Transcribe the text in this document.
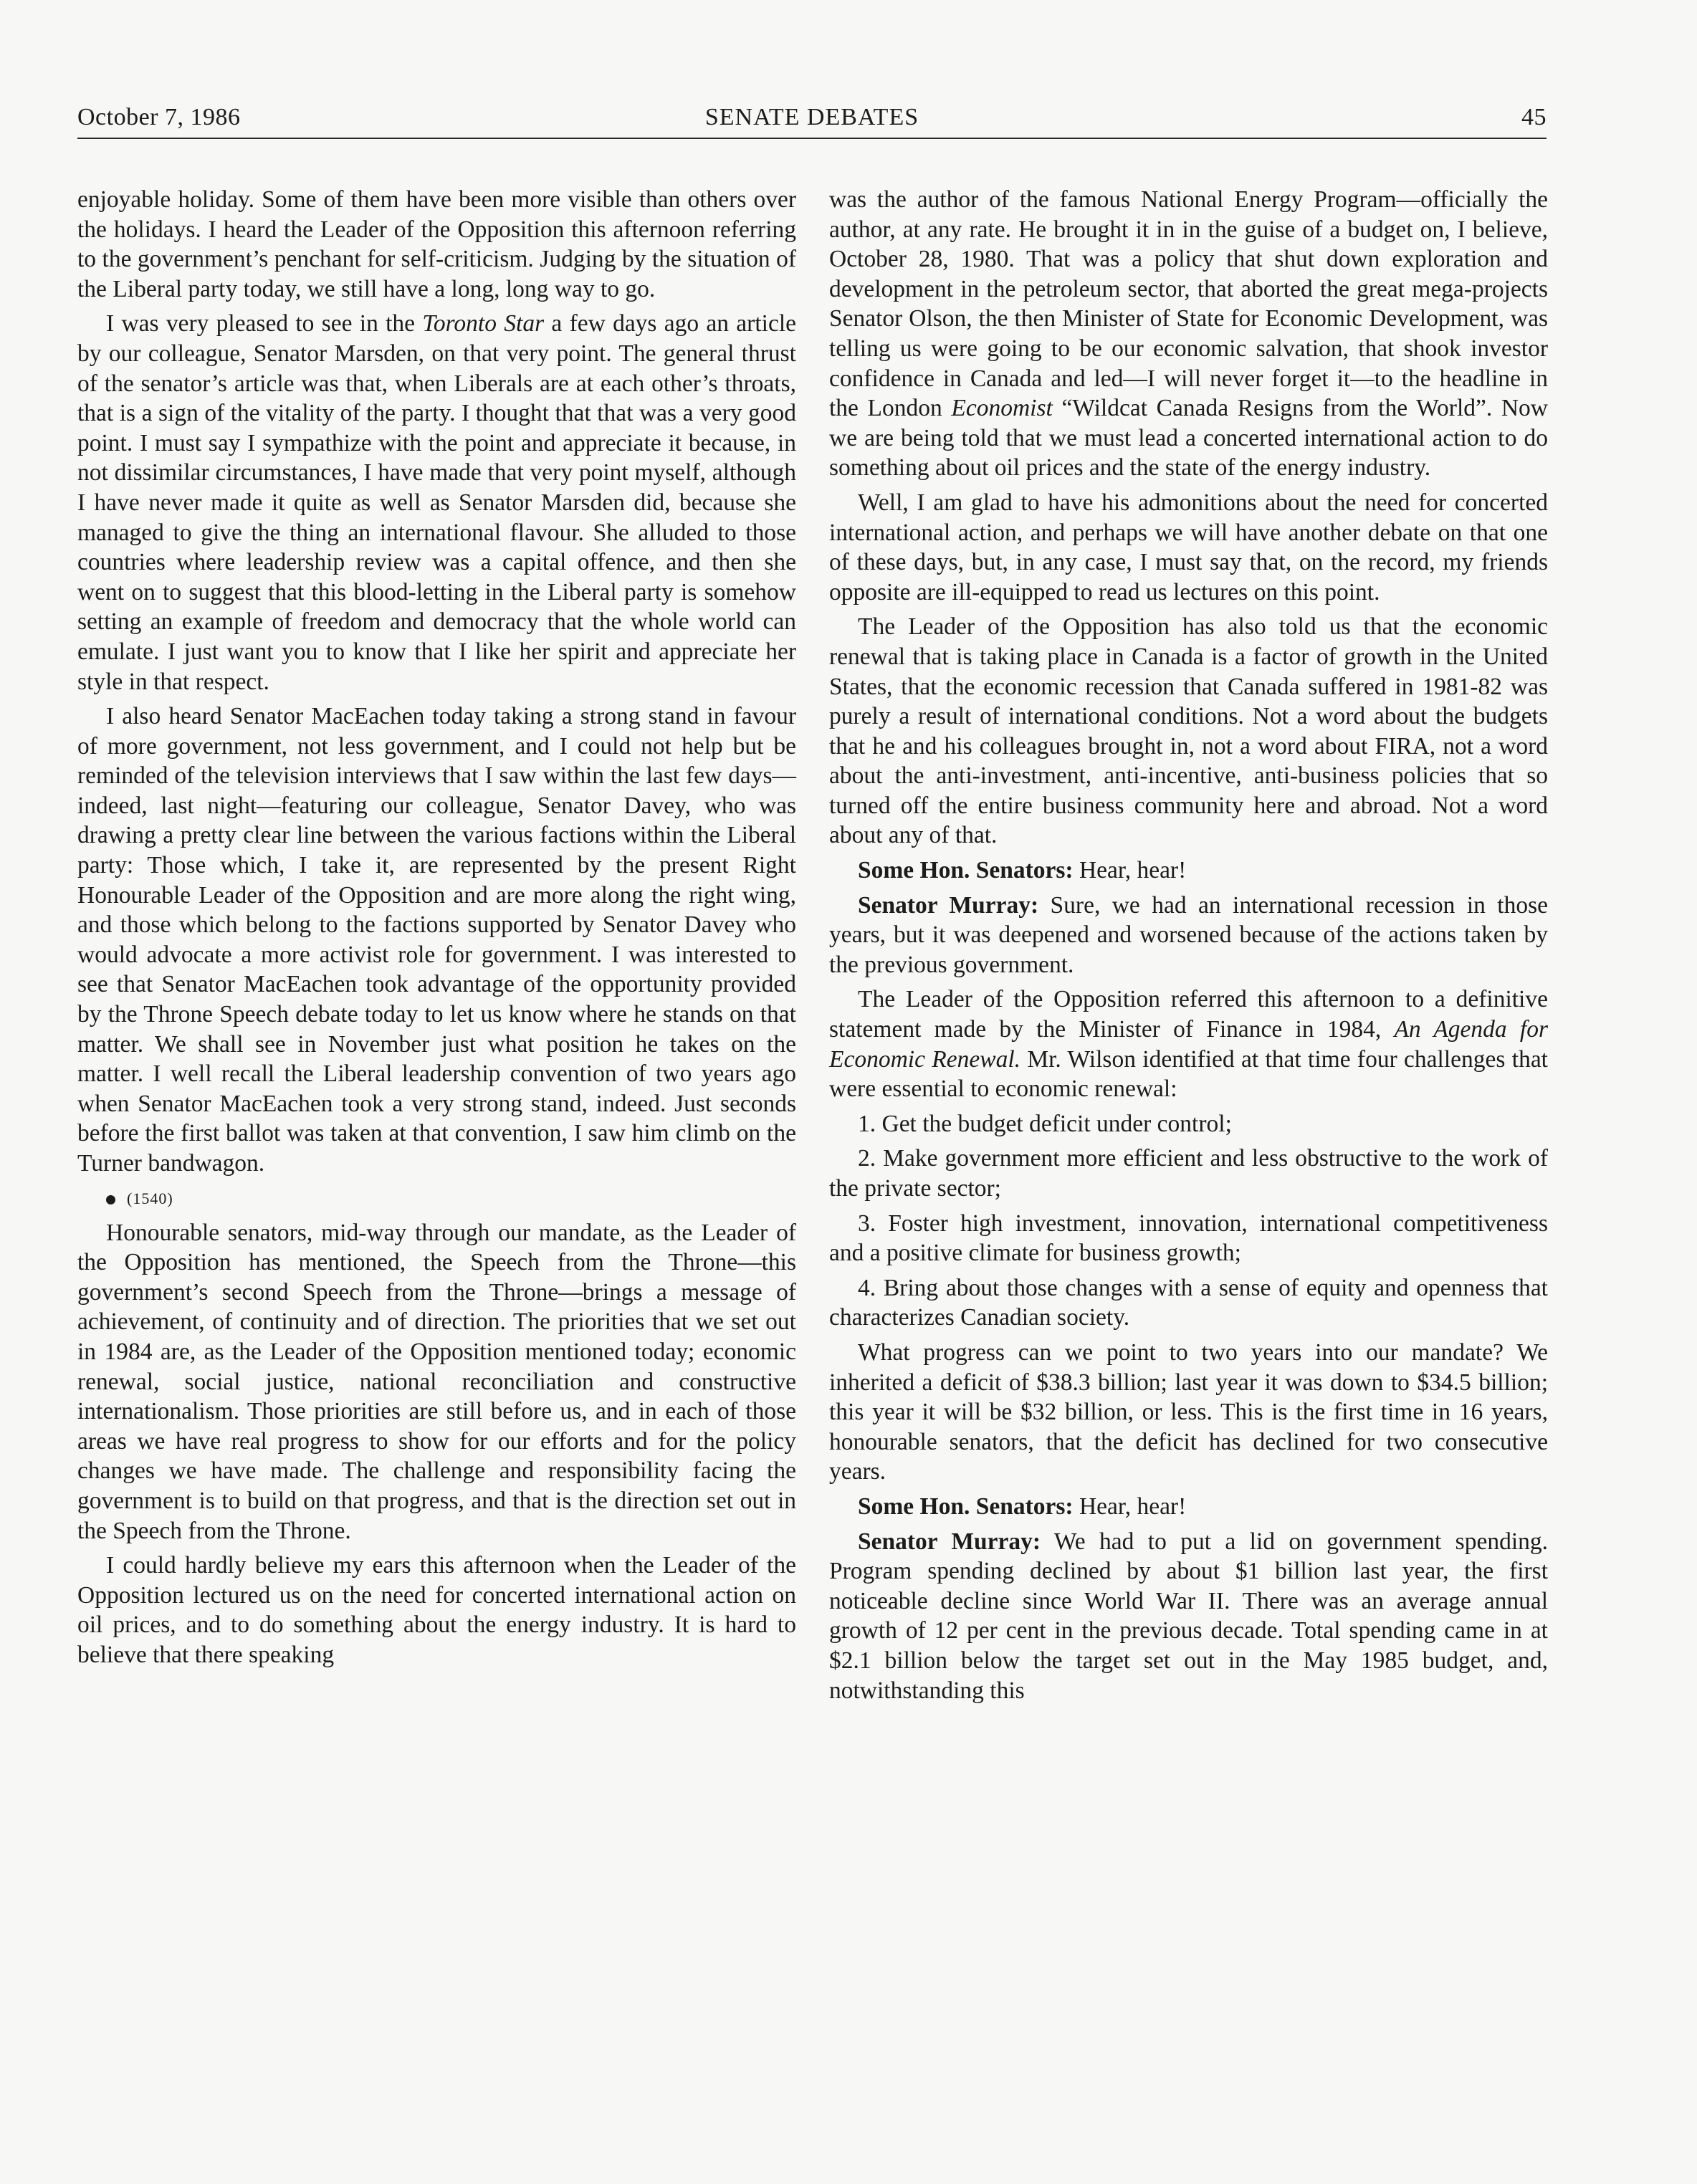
October 7, 1986	SENATE DEBATES	45

enjoyable holiday. Some of them have been more visible than others over the holidays. I heard the Leader of the Opposition this afternoon referring to the government’s penchant for self-criticism. Judging by the situation of the Liberal party today, we still have a long, long way to go.

I was very pleased to see in the Toronto Star a few days ago an article by our colleague, Senator Marsden, on that very point. The general thrust of the senator’s article was that, when Liberals are at each other’s throats, that is a sign of the vitality of the party. I thought that that was a very good point. I must say I sympathize with the point and appreciate it because, in not dissimilar circumstances, I have made that very point myself, although I have never made it quite as well as Senator Marsden did, because she managed to give the thing an international flavour. She alluded to those countries where leadership review was a capital offence, and then she went on to suggest that this blood-letting in the Liberal party is somehow setting an example of freedom and democracy that the whole world can emulate. I just want you to know that I like her spirit and appreciate her style in that respect.

I also heard Senator MacEachen today taking a strong stand in favour of more government, not less government, and I could not help but be reminded of the television interviews that I saw within the last few days—indeed, last night—featuring our colleague, Senator Davey, who was drawing a pretty clear line between the various factions within the Liberal party: Those which, I take it, are represented by the present Right Honourable Leader of the Opposition and are more along the right wing, and those which belong to the factions supported by Senator Davey who would advocate a more activist role for government. I was interested to see that Senator MacEachen took advantage of the opportunity provided by the Throne Speech debate today to let us know where he stands on that matter. We shall see in November just what position he takes on the matter. I well recall the Liberal leadership convention of two years ago when Senator MacEachen took a very strong stand, indeed. Just seconds before the first ballot was taken at that convention, I saw him climb on the Turner bandwagon.

(1540)

Honourable senators, mid-way through our mandate, as the Leader of the Opposition has mentioned, the Speech from the Throne—this government’s second Speech from the Throne—brings a message of achievement, of continuity and of direction. The priorities that we set out in 1984 are, as the Leader of the Opposition mentioned today; economic renewal, social justice, national reconciliation and constructive internationalism. Those priorities are still before us, and in each of those areas we have real progress to show for our efforts and for the policy changes we have made. The challenge and responsibility facing the government is to build on that progress, and that is the direction set out in the Speech from the Throne.

I could hardly believe my ears this afternoon when the Leader of the Opposition lectured us on the need for concerted international action on oil prices, and to do something about the energy industry. It is hard to believe that there speaking

was the author of the famous National Energy Program—officially the author, at any rate. He brought it in in the guise of a budget on, I believe, October 28, 1980. That was a policy that shut down exploration and development in the petroleum sector, that aborted the great mega-projects Senator Olson, the then Minister of State for Economic Development, was telling us were going to be our economic salvation, that shook investor confidence in Canada and led—I will never forget it—to the headline in the London Economist “Wildcat Canada Resigns from the World”. Now we are being told that we must lead a concerted international action to do something about oil prices and the state of the energy industry.

Well, I am glad to have his admonitions about the need for concerted international action, and perhaps we will have another debate on that one of these days, but, in any case, I must say that, on the record, my friends opposite are ill-equipped to read us lectures on this point.

The Leader of the Opposition has also told us that the economic renewal that is taking place in Canada is a factor of growth in the United States, that the economic recession that Canada suffered in 1981-82 was purely a result of international conditions. Not a word about the budgets that he and his colleagues brought in, not a word about FIRA, not a word about the anti-investment, anti-incentive, anti-business policies that so turned off the entire business community here and abroad. Not a word about any of that.

Some Hon. Senators: Hear, hear!

Senator Murray: Sure, we had an international recession in those years, but it was deepened and worsened because of the actions taken by the previous government.

The Leader of the Opposition referred this afternoon to a definitive statement made by the Minister of Finance in 1984, An Agenda for Economic Renewal. Mr. Wilson identified at that time four challenges that were essential to economic renewal:

1. Get the budget deficit under control;

2. Make government more efficient and less obstructive to the work of the private sector;

3. Foster high investment, innovation, international competitiveness and a positive climate for business growth;

4. Bring about those changes with a sense of equity and openness that characterizes Canadian society.

What progress can we point to two years into our mandate? We inherited a deficit of $38.3 billion; last year it was down to $34.5 billion; this year it will be $32 billion, or less. This is the first time in 16 years, honourable senators, that the deficit has declined for two consecutive years.

Some Hon. Senators: Hear, hear!

Senator Murray: We had to put a lid on government spending. Program spending declined by about $1 billion last year, the first noticeable decline since World War II. There was an average annual growth of 12 per cent in the previous decade. Total spending came in at $2.1 billion below the target set out in the May 1985 budget, and, notwithstanding this
